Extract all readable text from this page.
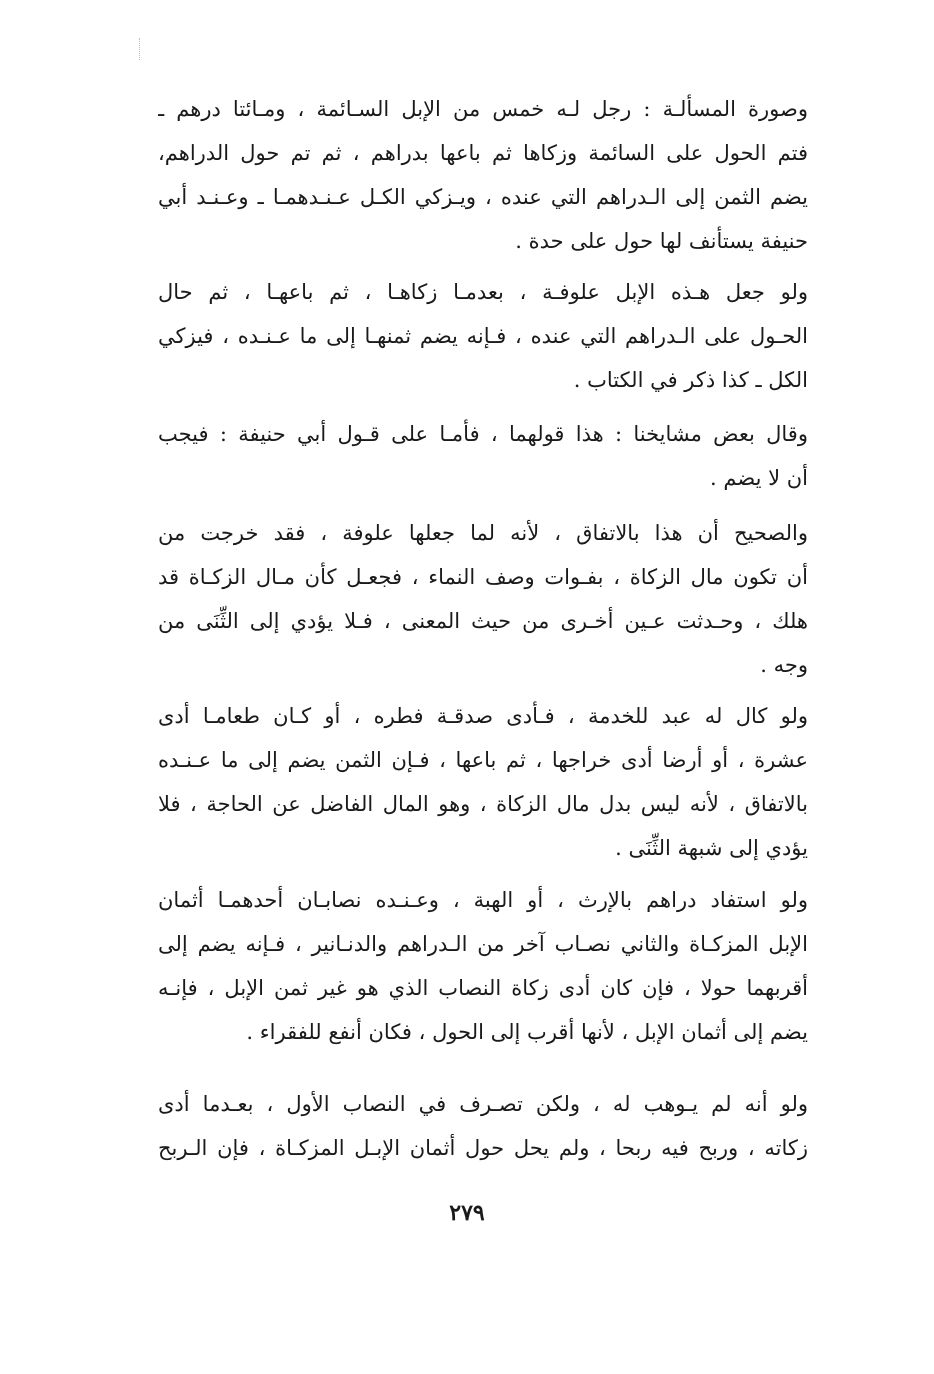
وصورة المسألـة : رجل لـه خمس من الإبل السـائمة ، ومـائتا درهم ـ
فتم الحول على السائمة وزكاها ثم باعها بدراهم ، ثم تم حول الدراهم،
يضم الثمن إلى الـدراهم التي عنده ، ويـزكي الكـل عـنـدهمـا ـ وعـنـد أبي
حنيفة يستأنف لها حول على حدة .
ولو جعل هـذه الإبل علوفـة ، بعدمـا زكاهـا ، ثم باعهـا ، ثم حال
الحـول على الـدراهم التي عنده ، فـإنه يضم ثمنهـا إلى ما عـنـده ، فيزكي
الكل ـ كذا ذكر في الكتاب .
وقال بعض مشايخنا : هذا قولهما ، فأمـا على قـول أبي حنيفة : فيجب
أن لا يضم .
والصحيح أن هذا بالاتفاق ، لأنه لما جعلها علوفة ، فقد خرجت من
أن تكون مال الزكاة ، بفـوات وصف النماء ، فجعـل كأن مـال الزكـاة قد
هلك ، وحـدثت عـين أخـرى من حيث المعنى ، فـلا يؤدي إلى الثِّنَى من
وجه .
ولو كال له عبد للخدمة ، فـأدى صدقـة فطره ، أو كـان طعامـا أدى
عشرة ، أو أرضا أدى خراجها ، ثم باعها ، فـإن الثمن يضم إلى ما عـنـده
بالاتفاق ، لأنه ليس بدل مال الزكاة ، وهو المال الفاضل عن الحاجة ، فلا
يؤدي إلى شبهة الثِّنَى .
ولو استفاد دراهم بالإرث ، أو الهبة ، وعـنـده نصابـان أحدهمـا أثمان
الإبل المزكـاة والثاني نصـاب آخر من الـدراهم والدنـانير ، فـإنه يضم إلى
أقربهما حولا ، فإن كان أدى زكاة النصاب الذي هو غير ثمن الإبل ، فإنـه
يضم إلى أثمان الإبل ، لأنها أقرب إلى الحول ، فكان أنفع للفقراء .
ولو أنه لم يـوهب له ، ولكن تصـرف في النصاب الأول ، بعـدما أدى
زكاته ، وربح فيه ربحا ، ولم يحل حول أثمان الإبـل المزكـاة ، فإن الـربح
٢٧٩
